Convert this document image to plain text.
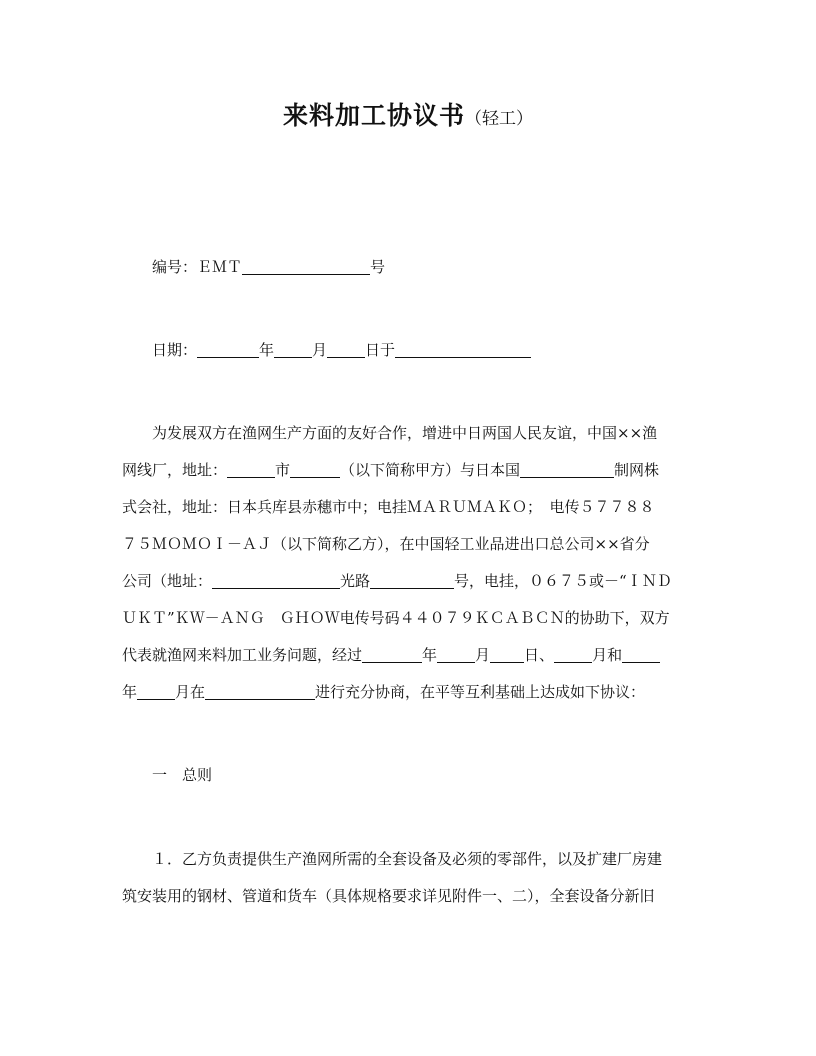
来料加工协议书（轻工）
编号：ＥＭＴ	号
日期：	年	月	日于
为发展双方在渔网生产方面的友好合作，增进中日两国人民友谊，中国××渔
网线厂，地址：	市	（以下简称甲方）与日本国	制网株
式会社，地址：日本兵库县赤穗市中；电挂ＭＡＲＵＭＡＫＯ；　电传５７７８８
７５ＭＯＭＯＩ－ＡＪ（以下简称乙方），在中国轻工业品进出口总公司××省分
公司（地址：	光路	号，电挂，０６７５或－“ＩＮＤ
ＵＫＴ”ＫＷ－ＡＮＧ　ＧＨＯＷ电传号码４４０７９ＫＣＡＢＣＮ的协助下，双方
代表就渔网来料加工业务问题，经过	年	月 日、	月和
年	月在	进行充分协商，在平等互利基础上达成如下协议：
一　总则
１．乙方负责提供生产渔网所需的全套设备及必须的零部件，以及扩建厂房建
筑安装用的钢材、管道和货车（具体规格要求详见附件一、二），全套设备分新旧
